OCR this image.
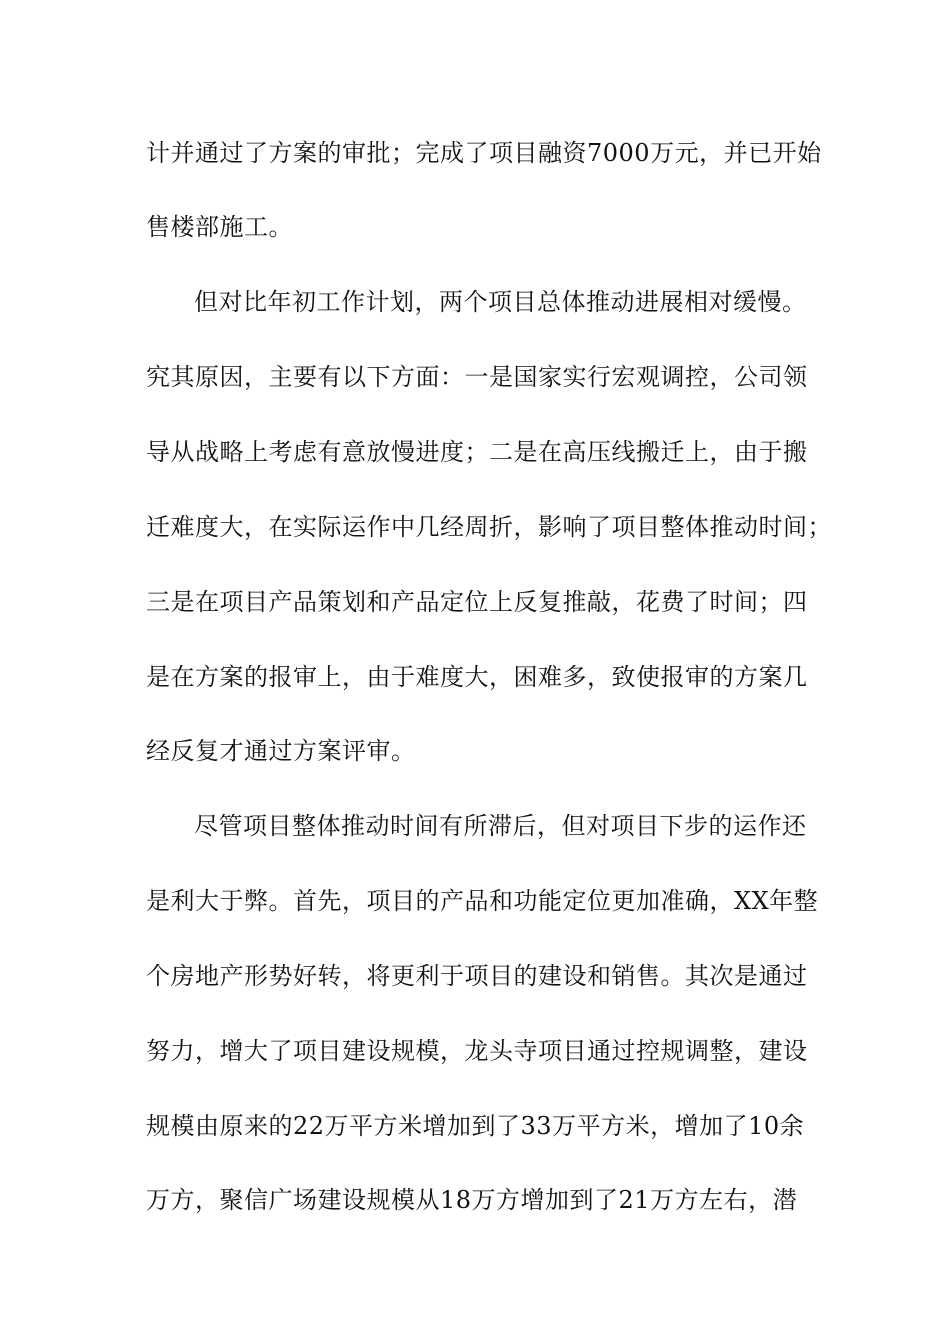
计并通过了方案的审批；完成了项目融资7000万元，并已开始
售楼部施工。
但对比年初工作计划，两个项目总体推动进展相对缓慢。
究其原因，主要有以下方面：一是国家实行宏观调控，公司领
导从战略上考虑有意放慢进度；二是在高压线搬迁上，由于搬
迁难度大，在实际运作中几经周折，影响了项目整体推动时间；
三是在项目产品策划和产品定位上反复推敲，花费了时间；四
是在方案的报审上，由于难度大，困难多，致使报审的方案几
经反复才通过方案评审。
尽管项目整体推动时间有所滞后，但对项目下步的运作还
是利大于弊。首先，项目的产品和功能定位更加准确，XX年整
个房地产形势好转，将更利于项目的建设和销售。其次是通过
努力，增大了项目建设规模，龙头寺项目通过控规调整，建设
规模由原来的22万平方米增加到了33万平方米，增加了10余
万方，聚信广场建设规模从18万方增加到了21万方左右，潜
